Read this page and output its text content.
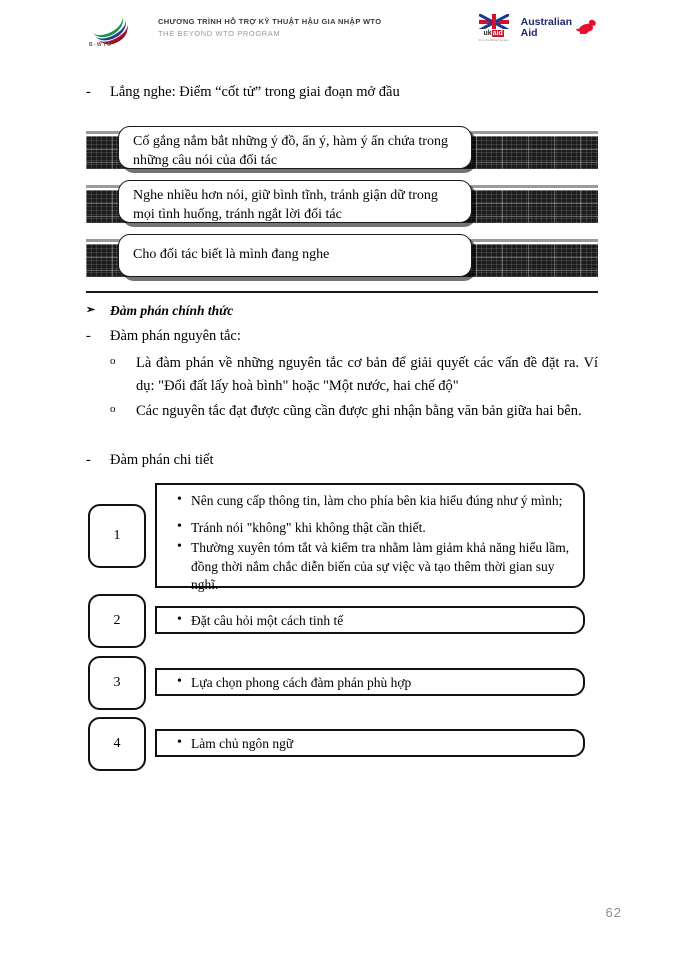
B-WTO
CHƯƠNG TRÌNH HỖ TRỢ KỸ THUẬT HẬU GIA NHẬP WTO
THE BEYOND WTO PROGRAM	ukaid
from the British people
Australian
Aid
- Lắng nghe: Điểm “cốt tử” trong giai đoạn mở đầu
Cố gắng nắm bắt những ý đồ, ẩn ý, hàm ý ẩn chứa trong những câu nói của đối tác
Nghe nhiều hơn nói, giữ bình tĩnh, tránh giận dữ trong mọi tình huống, tránh ngắt lời đối tác
Cho đối tác biết là mình đang nghe
➢ Đàm phán chính thức
- Đàm phán nguyên tắc:
o Là đàm phán về những nguyên tắc cơ bản để giải quyết các vấn đề đặt ra. Ví dụ: "Đổi đất lấy hoà bình" hoặc "Một nước, hai chế độ"
o Các nguyên tắc đạt được cũng cần được ghi nhận bằng văn bản giữa hai bên.
- Đàm phán chi tiết
1
• Nên cung cấp thông tin, làm cho phía bên kia hiểu đúng như ý mình;
• Tránh nói "không" khi không thật cần thiết.
• Thường xuyên tóm tắt và kiểm tra nhằm làm giảm khả năng hiểu lầm, đồng thời nắm chắc diễn biến của sự việc và tạo thêm thời gian suy nghĩ.
2	• Đặt câu hỏi một cách tinh tế
3	• Lựa chọn phong cách đàm phán phù hợp
4	• Làm chủ ngôn ngữ
62
